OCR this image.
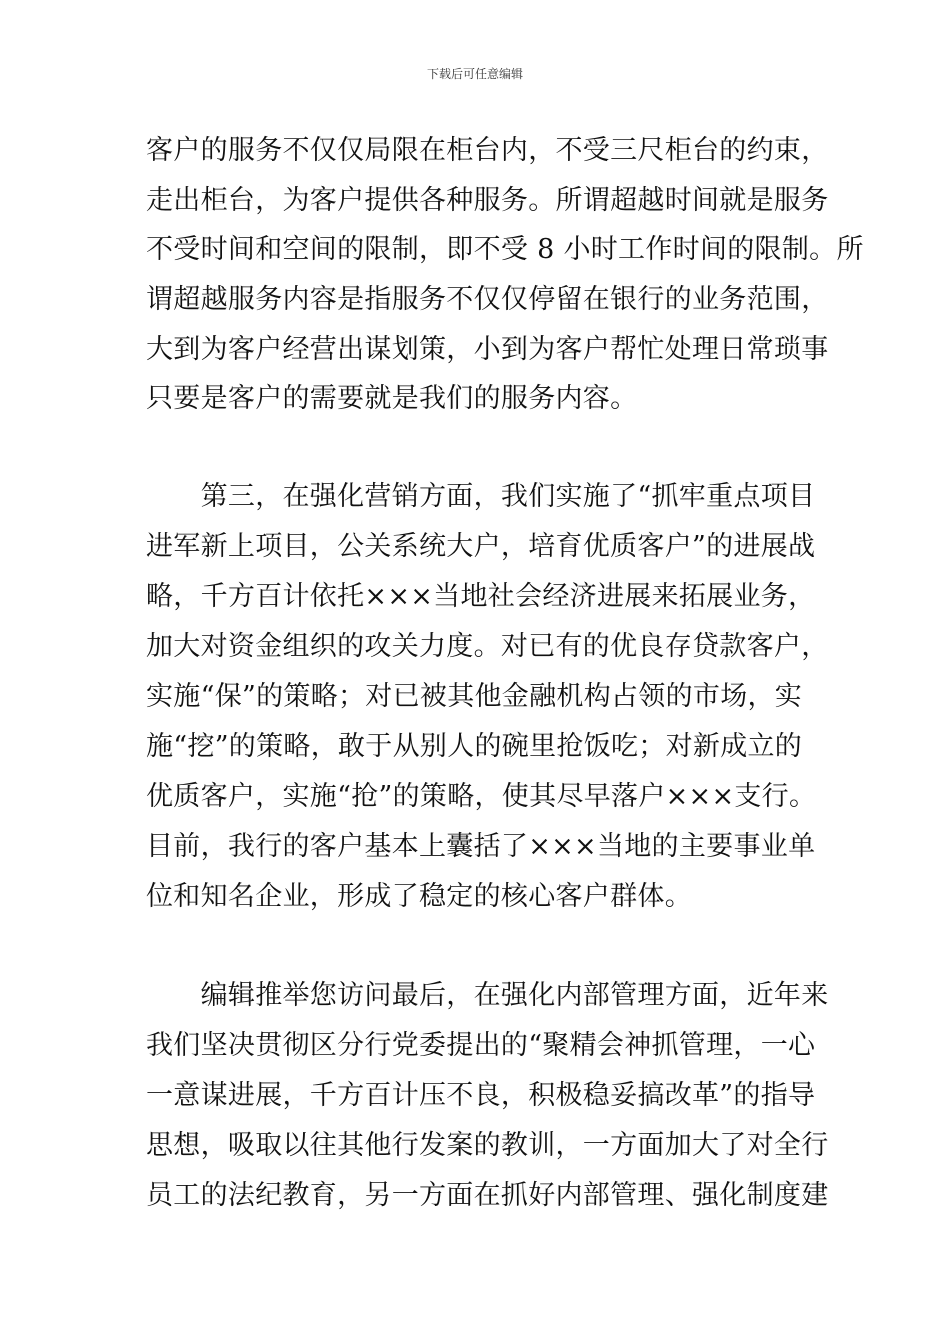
下载后可任意编辑
客户的服务不仅仅局限在柜台内，不受三尺柜台的约束，
走出柜台，为客户提供各种服务。所谓超越时间就是服务
不受时间和空间的限制，即不受 8 小时工作时间的限制。所
谓超越服务内容是指服务不仅仅停留在银行的业务范围，
大到为客户经营出谋划策，小到为客户帮忙处理日常琐事
只要是客户的需要就是我们的服务内容。
　　第三，在强化营销方面，我们实施了“抓牢重点项目
进军新上项目，公关系统大户，培育优质客户”的进展战
略，千方百计依托×××当地社会经济进展来拓展业务，
加大对资金组织的攻关力度。对已有的优良存贷款客户，
实施“保”的策略；对已被其他金融机构占领的市场，实
施“挖”的策略，敢于从别人的碗里抢饭吃；对新成立的
优质客户，实施“抢”的策略，使其尽早落户×××支行。
目前，我行的客户基本上囊括了×××当地的主要事业单
位和知名企业，形成了稳定的核心客户群体。
　　编辑推举您访问最后，在强化内部管理方面，近年来
我们坚决贯彻区分行党委提出的“聚精会神抓管理，一心
一意谋进展，千方百计压不良，积极稳妥搞改革”的指导
思想，吸取以往其他行发案的教训，一方面加大了对全行
员工的法纪教育，另一方面在抓好内部管理、强化制度建
